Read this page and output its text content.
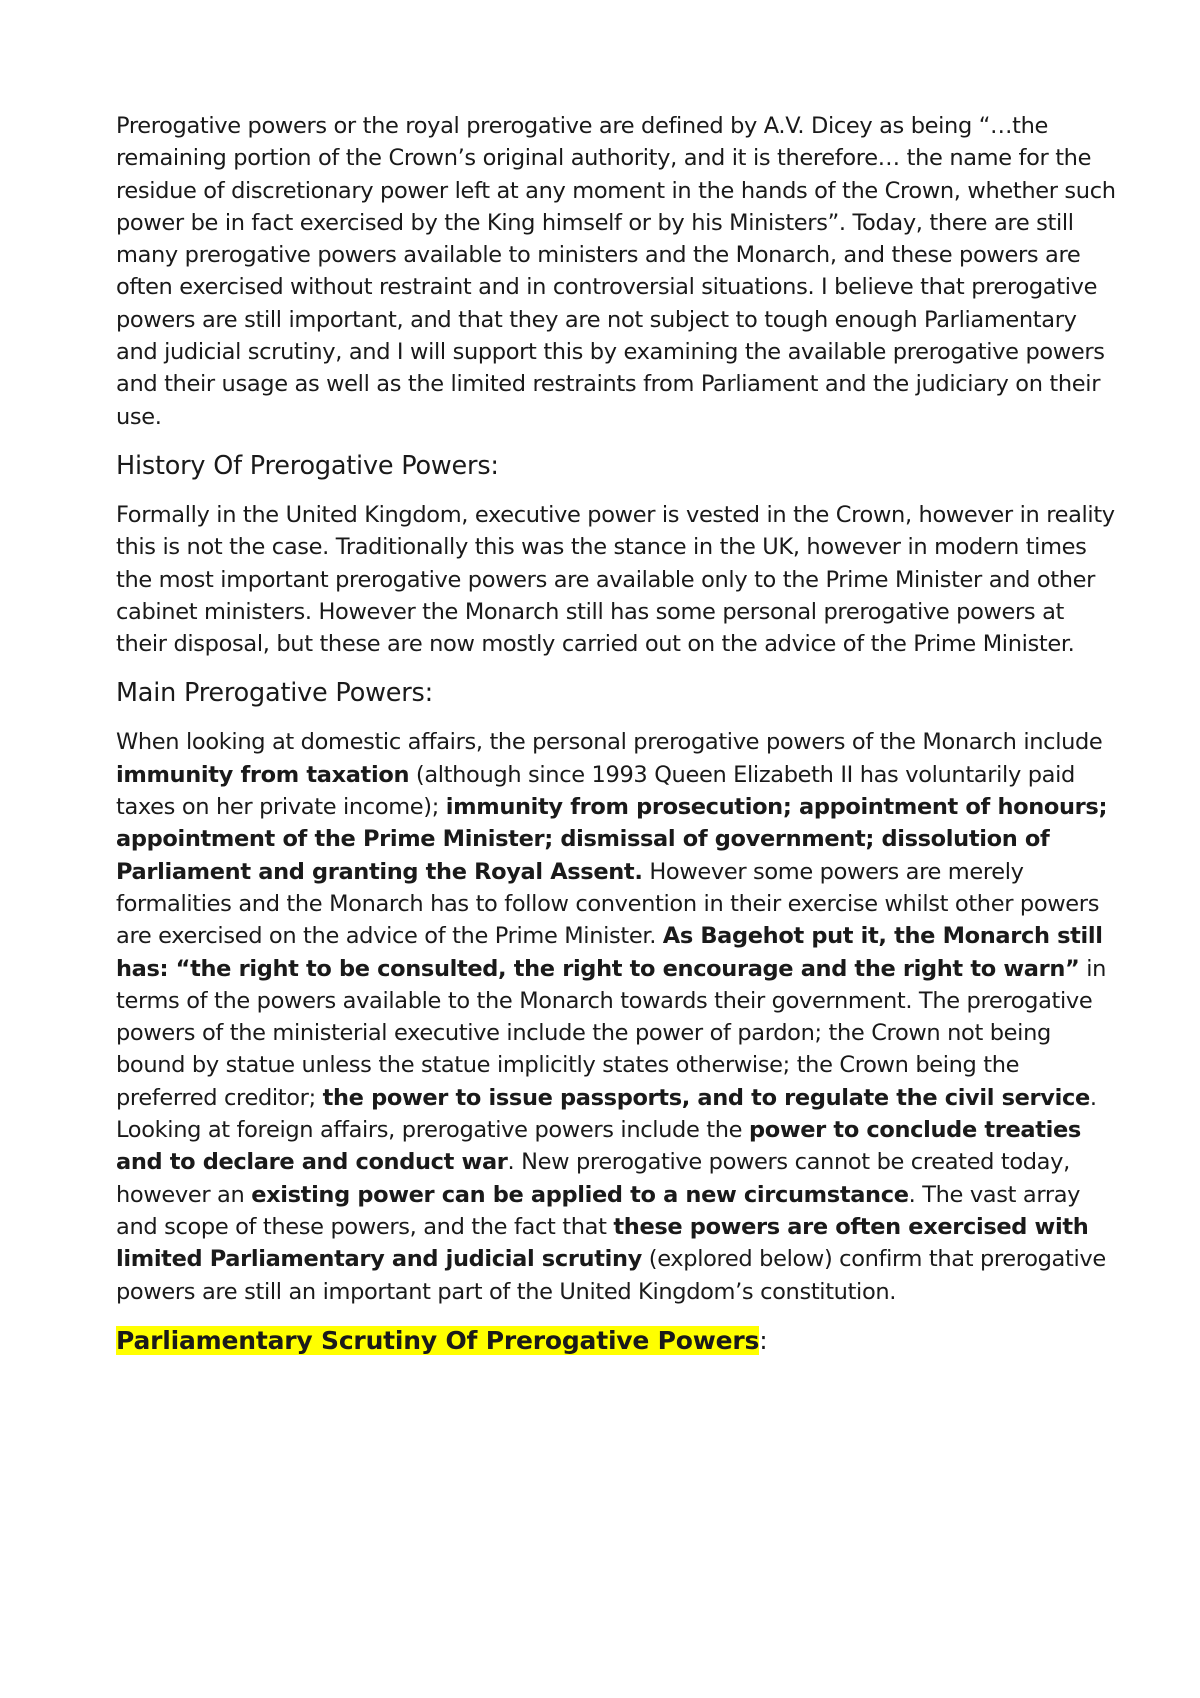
Prerogative powers or the royal prerogative are defined by A.V. Dicey as being “…the remaining portion of the Crown’s original authority, and it is therefore… the name for the residue of discretionary power left at any moment in the hands of the Crown, whether such power be in fact exercised by the King himself or by his Ministers”. Today, there are still many prerogative powers available to ministers and the Monarch, and these powers are often exercised without restraint and in controversial situations. I believe that prerogative powers are still important, and that they are not subject to tough enough Parliamentary and judicial scrutiny, and I will support this by examining the available prerogative powers and their usage as well as the limited restraints from Parliament and the judiciary on their use.

History Of Prerogative Powers:

Formally in the United Kingdom, executive power is vested in the Crown, however in reality this is not the case. Traditionally this was the stance in the UK, however in modern times the most important prerogative powers are available only to the Prime Minister and other cabinet ministers. However the Monarch still has some personal prerogative powers at their disposal, but these are now mostly carried out on the advice of the Prime Minister.

Main Prerogative Powers:

When looking at domestic affairs, the personal prerogative powers of the Monarch include immunity from taxation (although since 1993 Queen Elizabeth II has voluntarily paid taxes on her private income); immunity from prosecution; appointment of honours; appointment of the Prime Minister; dismissal of government; dissolution of Parliament and granting the Royal Assent. However some powers are merely formalities and the Monarch has to follow convention in their exercise whilst other powers are exercised on the advice of the Prime Minister. As Bagehot put it, the Monarch still has: “the right to be consulted, the right to encourage and the right to warn” in terms of the powers available to the Monarch towards their government. The prerogative powers of the ministerial executive include the power of pardon; the Crown not being bound by statue unless the statue implicitly states otherwise; the Crown being the preferred creditor; the power to issue passports, and to regulate the civil service. Looking at foreign affairs, prerogative powers include the power to conclude treaties and to declare and conduct war. New prerogative powers cannot be created today, however an existing power can be applied to a new circumstance. The vast array and scope of these powers, and the fact that these powers are often exercised with limited Parliamentary and judicial scrutiny (explored below) confirm that prerogative powers are still an important part of the United Kingdom’s constitution.

Parliamentary Scrutiny Of Prerogative Powers:
